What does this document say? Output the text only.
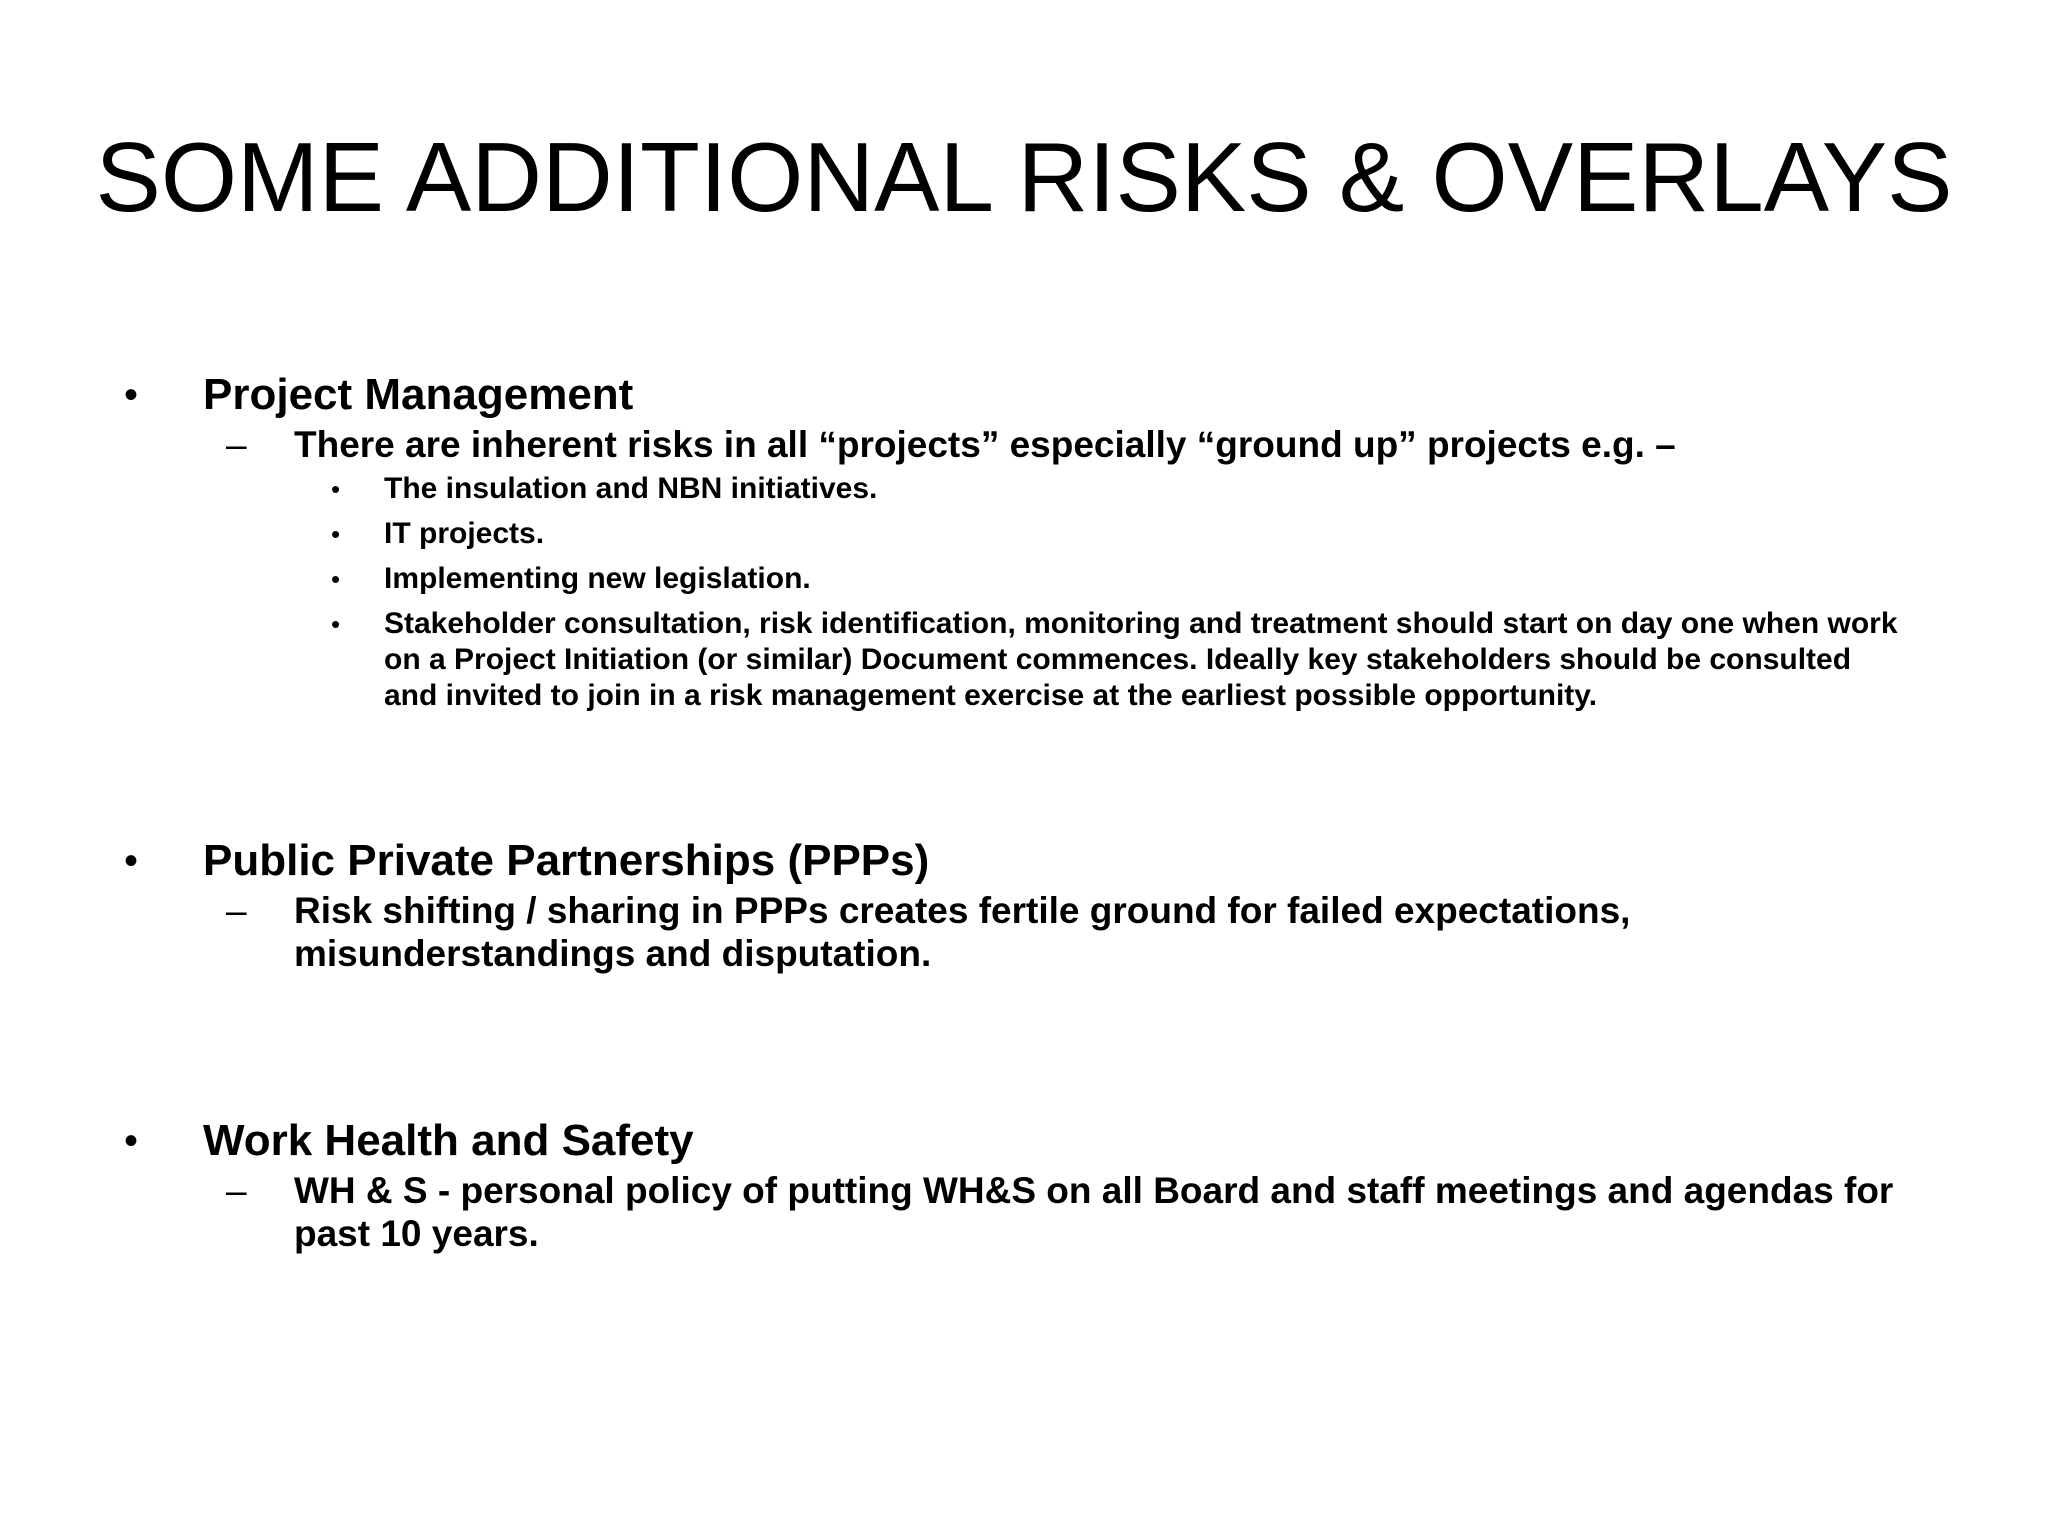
SOME ADDITIONAL RISKS & OVERLAYS
• Project Management
– There are inherent risks in all “projects” especially “ground up” projects e.g. –
• The insulation and NBN initiatives.
• IT projects.
• Implementing new legislation.
• Stakeholder consultation, risk identification, monitoring and treatment should start on day one when work on a Project Initiation (or similar) Document commences. Ideally key stakeholders should be consulted and invited to join in a risk management exercise at the earliest possible opportunity.
• Public Private Partnerships (PPPs)
– Risk shifting / sharing in PPPs creates fertile ground for failed expectations, misunderstandings and disputation.
• Work Health and Safety
– WH & S - personal policy of putting WH&S on all Board and staff meetings and agendas for past 10 years.
